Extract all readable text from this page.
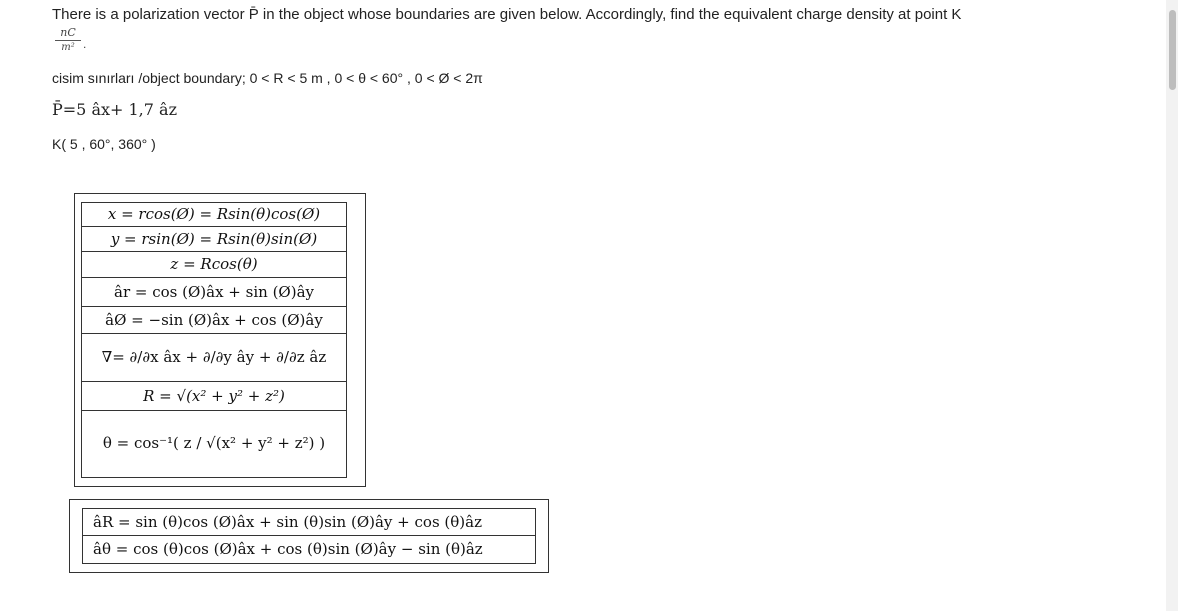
There is a polarization vector P̄ in the object whose boundaries are given below. Accordingly, find the equivalent charge density at point K
$\frac{nC}{\text{m²}}$ .
cisim sınırları /object boundary; 0 < R < 5 m , 0 < θ < 60° , 0 < Ø < 2π
P̄=5 âx+ 1,7 âz
K( 5 , 60°, 360° )
x = rcos(Ø) = Rsin(θ)cos(Ø)
y = rsin(Ø) = Rsin(θ)sin(Ø)
z = Rcos(θ)
âr = cos (Ø)âx + sin (Ø)ây
âØ = −sin (Ø)âx + cos (Ø)ây
∇= ∂/∂x âx + ∂/∂y ây + ∂/∂z âz
R = √(x² + y² + z²)
θ = cos⁻¹( z / √(x² + y² + z²) )
âR = sin (θ)cos (Ø)âx + sin (θ)sin (Ø)ây + cos (θ)âz
âθ = cos (θ)cos (Ø)âx + cos (θ)sin (Ø)ây − sin (θ)âz
